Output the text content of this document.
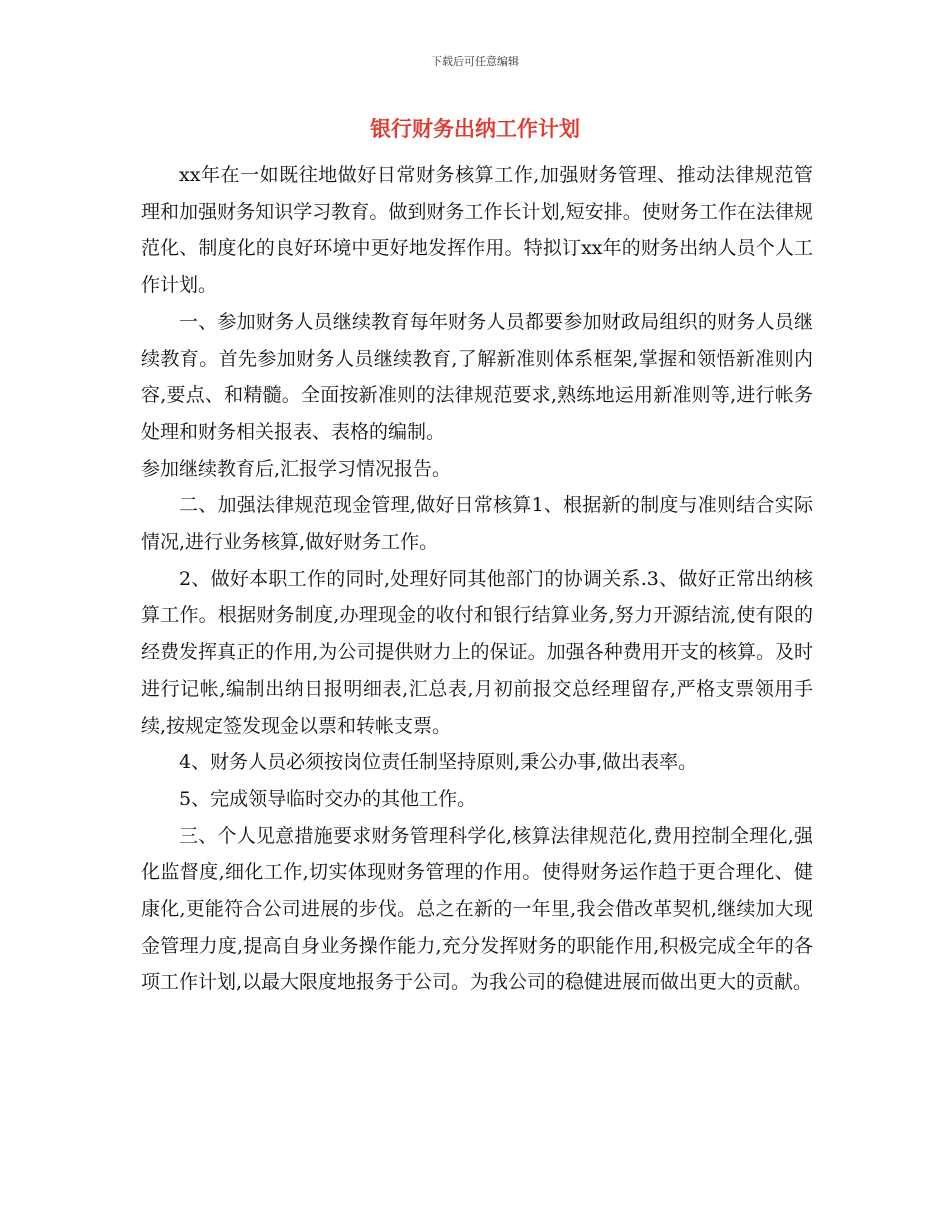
下载后可任意编辑
银行财务出纳工作计划

xx年在一如既往地做好日常财务核算工作,加强财务管理、推动法律规范管理和加强财务知识学习教育。做到财务工作长计划,短安排。使财务工作在法律规范化、制度化的良好环境中更好地发挥作用。特拟订xx年的财务出纳人员个人工作计划。

一、参加财务人员继续教育每年财务人员都要参加财政局组织的财务人员继续教育。首先参加财务人员继续教育,了解新准则体系框架,掌握和领悟新准则内容,要点、和精髓。全面按新准则的法律规范要求,熟练地运用新准则等,进行帐务处理和财务相关报表、表格的编制。

参加继续教育后,汇报学习情况报告。

二、加强法律规范现金管理,做好日常核算1、根据新的制度与准则结合实际情况,进行业务核算,做好财务工作。

2、做好本职工作的同时,处理好同其他部门的协调关系.3、做好正常出纳核算工作。根据财务制度,办理现金的收付和银行结算业务,努力开源结流,使有限的经费发挥真正的作用,为公司提供财力上的保证。加强各种费用开支的核算。及时进行记帐,编制出纳日报明细表,汇总表,月初前报交总经理留存,严格支票领用手续,按规定签发现金以票和转帐支票。

4、财务人员必须按岗位责任制坚持原则,秉公办事,做出表率。

5、完成领导临时交办的其他工作。

三、个人见意措施要求财务管理科学化,核算法律规范化,费用控制全理化,强化监督度,细化工作,切实体现财务管理的作用。使得财务运作趋于更合理化、健康化,更能符合公司进展的步伐。总之在新的一年里,我会借改革契机,继续加大现金管理力度,提高自身业务操作能力,充分发挥财务的职能作用,积极完成全年的各项工作计划,以最大限度地报务于公司。为我公司的稳健进展而做出更大的贡献。
